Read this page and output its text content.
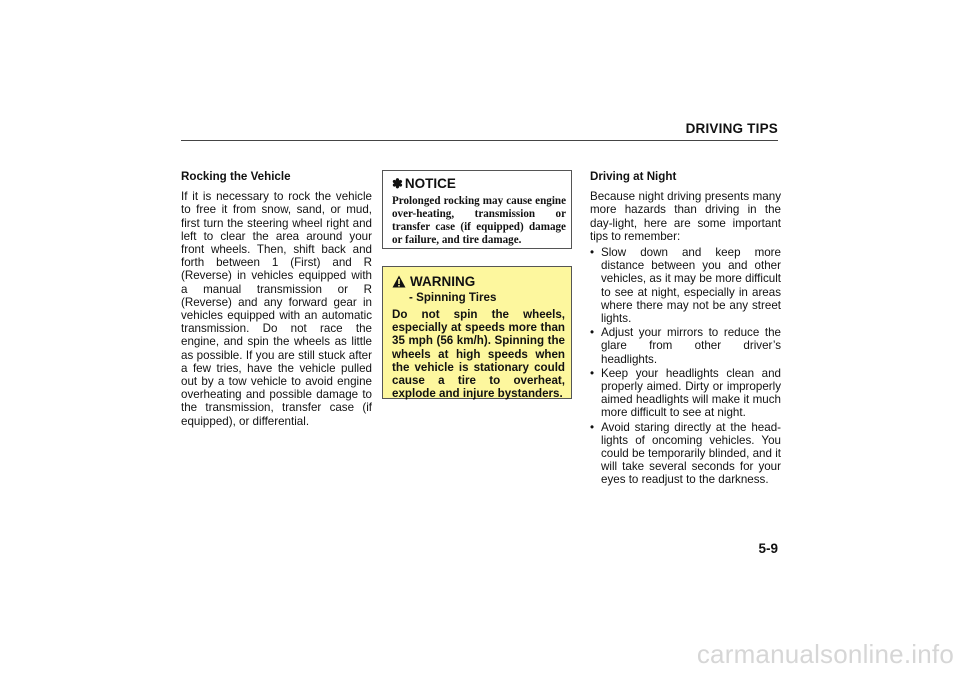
DRIVING TIPS
Rocking the Vehicle

If it is necessary to rock the vehicle to free it from snow, sand, or mud, first turn the steering wheel right and left to clear the area around your front wheels. Then, shift back and forth between 1 (First) and R (Reverse) in vehicles equipped with a manual transmission or R (Reverse) and any forward gear in vehicles equipped with an automatic transmission. Do not race the engine, and spin the wheels as little as possible. If you are still stuck after a few tries, have the vehicle pulled out by a tow vehicle to avoid engine overheating and possible damage to the transmission, transfer case (if equipped), or differential.

✽ NOTICE
Prolonged rocking may cause engine over-heating, transmission or transfer case (if equipped) damage or failure, and tire damage.
WARNING
- Spinning Tires
Do not spin the wheels, especially at speeds more than 35 mph (56 km/h). Spinning the wheels at high speeds when the vehicle is stationary could cause a tire to overheat, explode and injure bystanders.
Driving at Night

Because night driving presents many more hazards than driving in the day-light, here are some important tips to remember:

• Slow down and keep more distance between you and other vehicles, as it may be more difficult to see at night, especially in areas where there may not be any street lights.
• Adjust your mirrors to reduce the glare from other driver’s headlights.
• Keep your headlights clean and properly aimed. Dirty or improperly aimed headlights will make it much more difficult to see at night.
• Avoid staring directly at the head-lights of oncoming vehicles. You could be temporarily blinded, and it will take several seconds for your eyes to readjust to the darkness.
5-9
carmanualsonline.info
